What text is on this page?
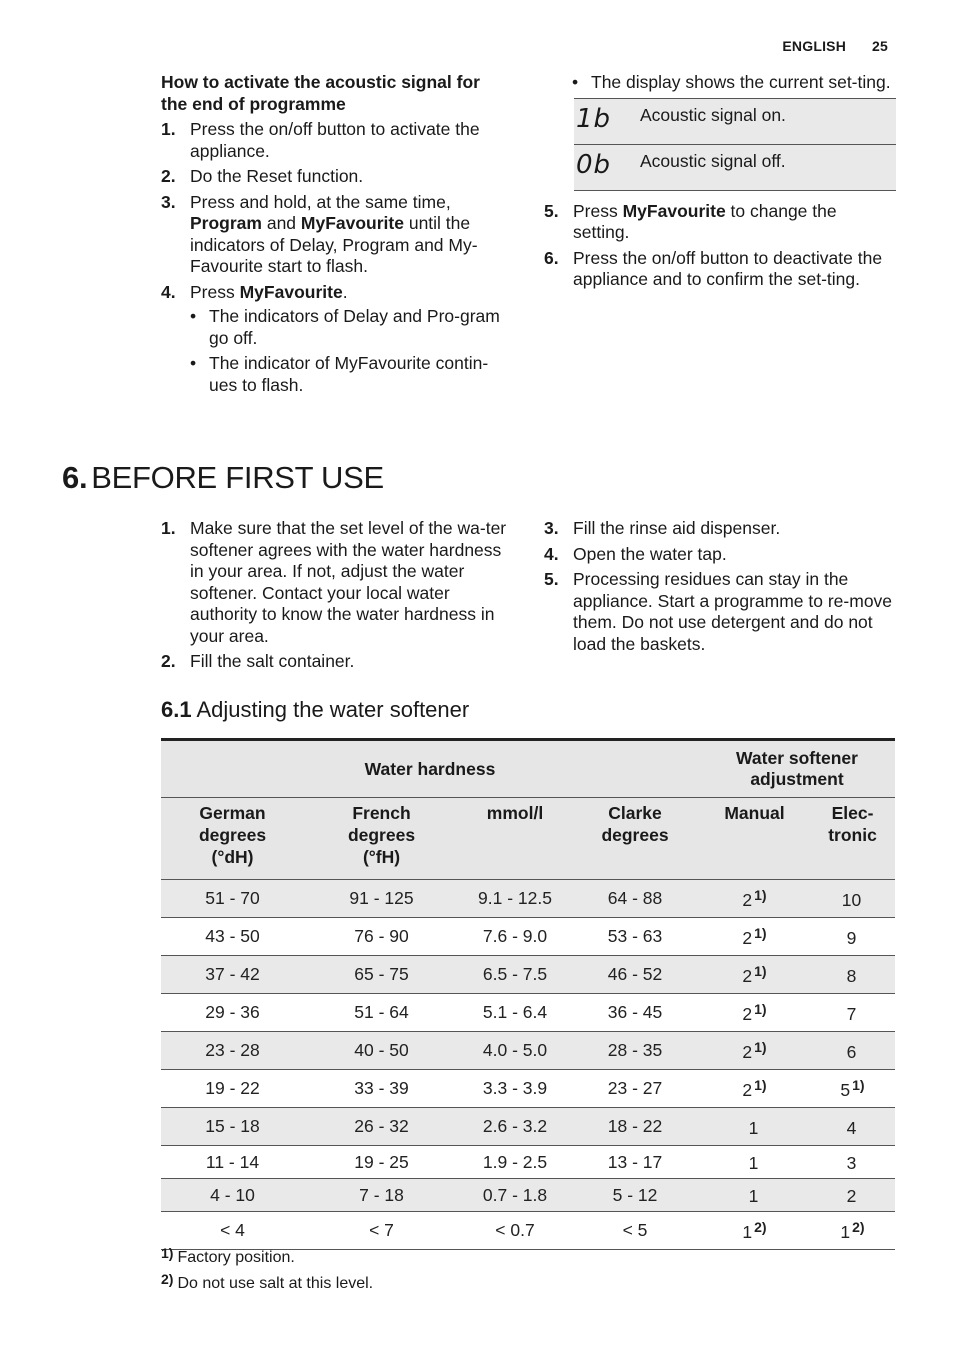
ENGLISH 25
How to activate the acoustic signal for the end of programme
1. Press the on/off button to activate the appliance.
2. Do the Reset function.
3. Press and hold, at the same time, Program and MyFavourite until the indicators of Delay, Program and My-Favourite start to flash.
4. Press MyFavourite.
• The indicators of Delay and Pro-gram go off.
• The indicator of MyFavourite contin-ues to flash.
• The display shows the current set-ting.
1b	Acoustic signal on.
0b	Acoustic signal off.
5. Press MyFavourite to change the setting.
6. Press the on/off button to deactivate the appliance and to confirm the set-ting.
6. BEFORE FIRST USE
1. Make sure that the set level of the wa-ter softener agrees with the water hardness in your area. If not, adjust the water softener. Contact your local water authority to know the water hardness in your area.
2. Fill the salt container.
3. Fill the rinse aid dispenser.
4. Open the water tap.
5. Processing residues can stay in the appliance. Start a programme to re-move them. Do not use detergent and do not load the baskets.
6.1 Adjusting the water softener
Water hardness				Water softener adjustment	
German degrees (°dH)	French degrees (°fH)	mmol/l	Clarke degrees	Manual	Elec-tronic
51 - 70	91 - 125	9.1 - 12.5	64 - 88	2 $^{1)}$	10
43 - 50	76 - 90	7.6 - 9.0	53 - 63	2 $^{1)}$	9
37 - 42	65 - 75	6.5 - 7.5	46 - 52	2 $^{1)}$	8
29 - 36	51 - 64	5.1 - 6.4	36 - 45	2 $^{1)}$	7
23 - 28	40 - 50	4.0 - 5.0	28 - 35	2 $^{1)}$	6
19 - 22	33 - 39	3.3 - 3.9	23 - 27	2 $^{1)}$	5 $^{1)}$
15 - 18	26 - 32	2.6 - 3.2	18 - 22	1	4
11 - 14	19 - 25	1.9 - 2.5	13 - 17	1	3
4 - 10	7 - 18	0.7 - 1.8	5 - 12	1	2
< 4	< 7	< 0.7	< 5	1 $^{2)}$	1 $^{2)}$
1) Factory position.
2) Do not use salt at this level.
